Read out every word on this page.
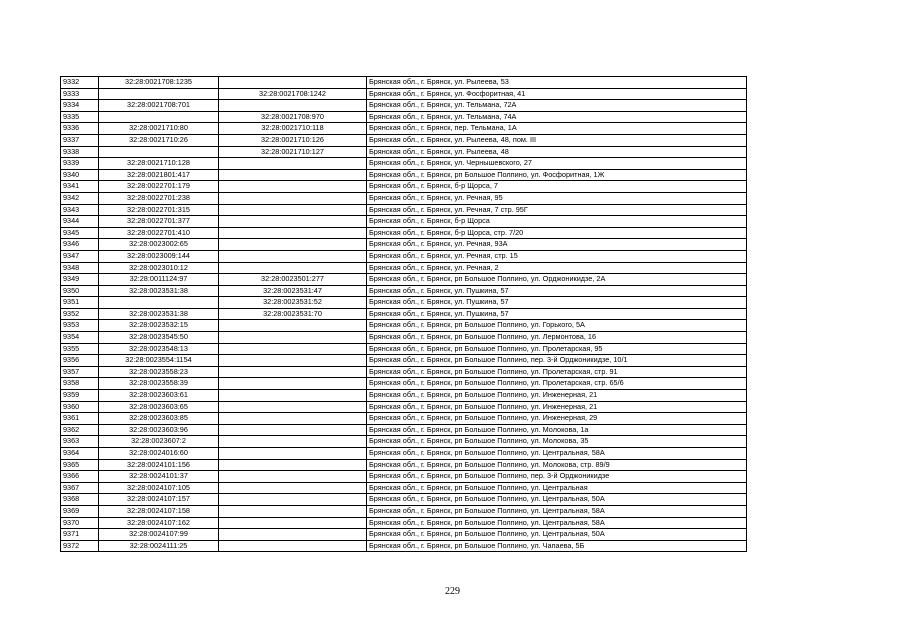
9332	32:28:0021708:1235		Брянская обл., г. Брянск, ул. Рылеева, 53
9333		32:28:0021708:1242	Брянская обл., г. Брянск, ул. Фосфоритная, 41
9334	32:28:0021708:701		Брянская обл., г. Брянск, ул. Тельмана, 72А
9335		32:28:0021708:970	Брянская обл., г. Брянск, ул. Тельмана, 74А
9336	32:28:0021710:80	32:28:0021710:118	Брянская обл., г. Брянск, пер. Тельмана, 1А
9337	32:28:0021710:26	32:28:0021710:126	Брянская обл., г. Брянск, ул. Рылеева, 48, пом. III
9338		32:28:0021710:127	Брянская обл., г. Брянск, ул. Рылеева, 48
9339	32:28:0021710:128		Брянская обл., г. Брянск, ул. Чернышевского, 27
9340	32:28:0021801:417		Брянская обл., г. Брянск, рп Большое Полпино, ул. Фосфоритная, 1Ж
9341	32:28:0022701:179		Брянская обл., г. Брянск, б-р Щорса, 7
9342	32:28:0022701:238		Брянская обл., г. Брянск, ул. Речная, 95
9343	32:28:0022701:315		Брянская обл., г. Брянск, ул. Речная, 7 стр. 95Г
9344	32:28:0022701:377		Брянская обл., г. Брянск, б-р Щорса
9345	32:28:0022701:410		Брянская обл., г. Брянск, б-р Щорса, стр. 7/20
9346	32:28:0023002:65		Брянская обл., г. Брянск, ул. Речная, 93А
9347	32:28:0023009:144		Брянская обл., г. Брянск, ул. Речная, стр. 15
9348	32:28:0023010:12		Брянская обл., г. Брянск, ул. Речная, 2
9349	32:28:0011124:97	32:28:0023501:277	Брянская обл., г. Брянск, рп Большое Полпино, ул. Орджоникидзе, 2А
9350	32:28:0023531:38	32:28:0023531:47	Брянская обл., г. Брянск, ул. Пушкина, 57
9351		32:28:0023531:52	Брянская обл., г. Брянск, ул. Пушкина, 57
9352	32:28:0023531:38	32:28:0023531:70	Брянская обл., г. Брянск, ул. Пушкина, 57
9353	32:28:0023532:15		Брянская обл., г. Брянск, рп Большое Полпино, ул. Горького, 5А
9354	32:28:0023545:50		Брянская обл., г. Брянск, рп Большое Полпино, ул. Лермонтова, 16
9355	32:28:0023548:13		Брянская обл., г. Брянск, рп Большое Полпино, ул. Пролетарская, 95
9356	32:28:0023554:1154		Брянская обл., г. Брянск, рп Большое Полпино, пер. 3-й Орджоникидзе, 10/1
9357	32:28:0023558:23		Брянская обл., г. Брянск, рп Большое Полпино, ул. Пролетарская, стр. 91
9358	32:28:0023558:39		Брянская обл., г. Брянск, рп Большое Полпино, ул. Пролетарская, стр. 65/6
9359	32:28:0023603:61		Брянская обл., г. Брянск, рп Большое Полпино, ул. Инженерная, 21
9360	32:28:0023603:65		Брянская обл., г. Брянск, рп Большое Полпино, ул. Инженерная, 21
9361	32:28:0023603:85		Брянская обл., г. Брянск, рп Большое Полпино, ул. Инженерная, 29
9362	32:28:0023603:96		Брянская обл., г. Брянск, рп Большое Полпино, ул. Молокова, 1а
9363	32:28:0023607:2		Брянская обл., г. Брянск, рп Большое Полпино, ул. Молокова, 35
9364	32:28:0024016:60		Брянская обл., г. Брянск, рп Большое Полпино, ул. Центральная, 58А
9365	32:28:0024101:156		Брянская обл., г. Брянск, рп Большое Полпино, ул. Молокова, стр. 89/9
9366	32:28:0024101:37		Брянская обл., г. Брянск, рп Большое Полпино, пер. 3-й Орджоникидзе
9367	32:28:0024107:105		Брянская обл., г. Брянск, рп Большое Полпино, ул. Центральная
9368	32:28:0024107:157		Брянская обл., г. Брянск, рп Большое Полпино, ул. Центральная, 50А
9369	32:28:0024107:158		Брянская обл., г. Брянск, рп Большое Полпино, ул. Центральная, 58А
9370	32:28:0024107:162		Брянская обл., г. Брянск, рп Большое Полпино, ул. Центральная, 58А
9371	32:28:0024107:99		Брянская обл., г. Брянск, рп Большое Полпино, ул. Центральная, 50А
9372	32:28:0024111:25		Брянская обл., г. Брянск, рп Большое Полпино, ул. Чапаева, 5Б
229
